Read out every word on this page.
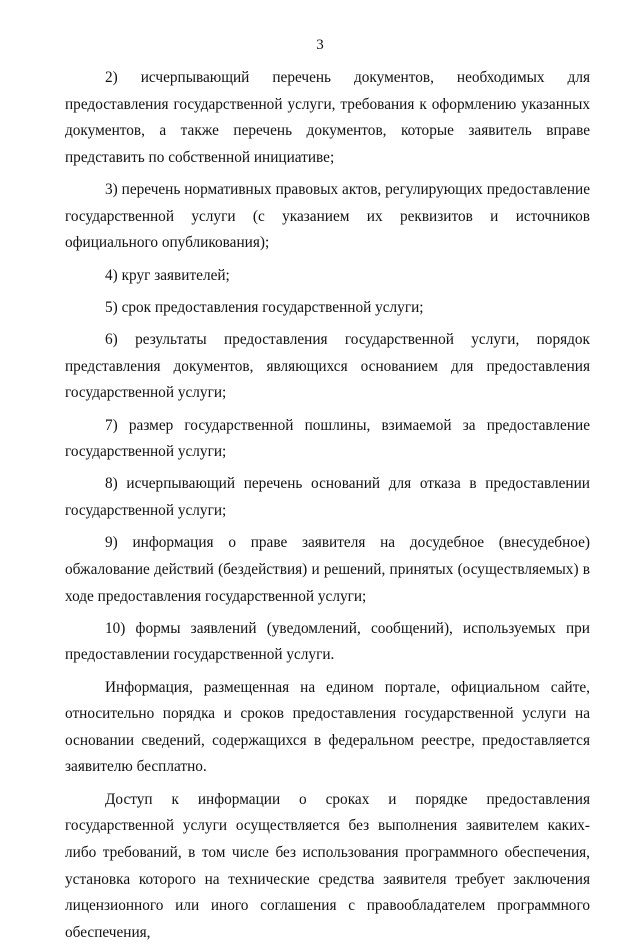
3

2) исчерпывающий перечень документов, необходимых для предоставления государственной услуги, требования к оформлению указанных документов, а также перечень документов, которые заявитель вправе представить по собственной инициативе;

3) перечень нормативных правовых актов, регулирующих предоставление государственной услуги (с указанием их реквизитов и источников официального опубликования);

4) круг заявителей;

5) срок предоставления государственной услуги;

6) результаты предоставления государственной услуги, порядок представления документов, являющихся основанием для предоставления государственной услуги;

7) размер государственной пошлины, взимаемой за предоставление государственной услуги;

8) исчерпывающий перечень оснований для отказа в предоставлении государственной услуги;

9) информация о праве заявителя на досудебное (внесудебное) обжалование действий (бездействия) и решений, принятых (осуществляемых) в ходе предоставления государственной услуги;

10) формы заявлений (уведомлений, сообщений), используемых при предоставлении государственной услуги.

Информация, размещенная на едином портале, официальном сайте, относительно порядка и сроков предоставления государственной услуги на основании сведений, содержащихся в федеральном реестре, предоставляется заявителю бесплатно.

Доступ к информации о сроках и порядке предоставления государственной услуги осуществляется без выполнения заявителем каких-либо требований, в том числе без использования программного обеспечения, установка которого на технические средства заявителя требует заключения лицензионного или иного соглашения с правообладателем программного обеспечения,
